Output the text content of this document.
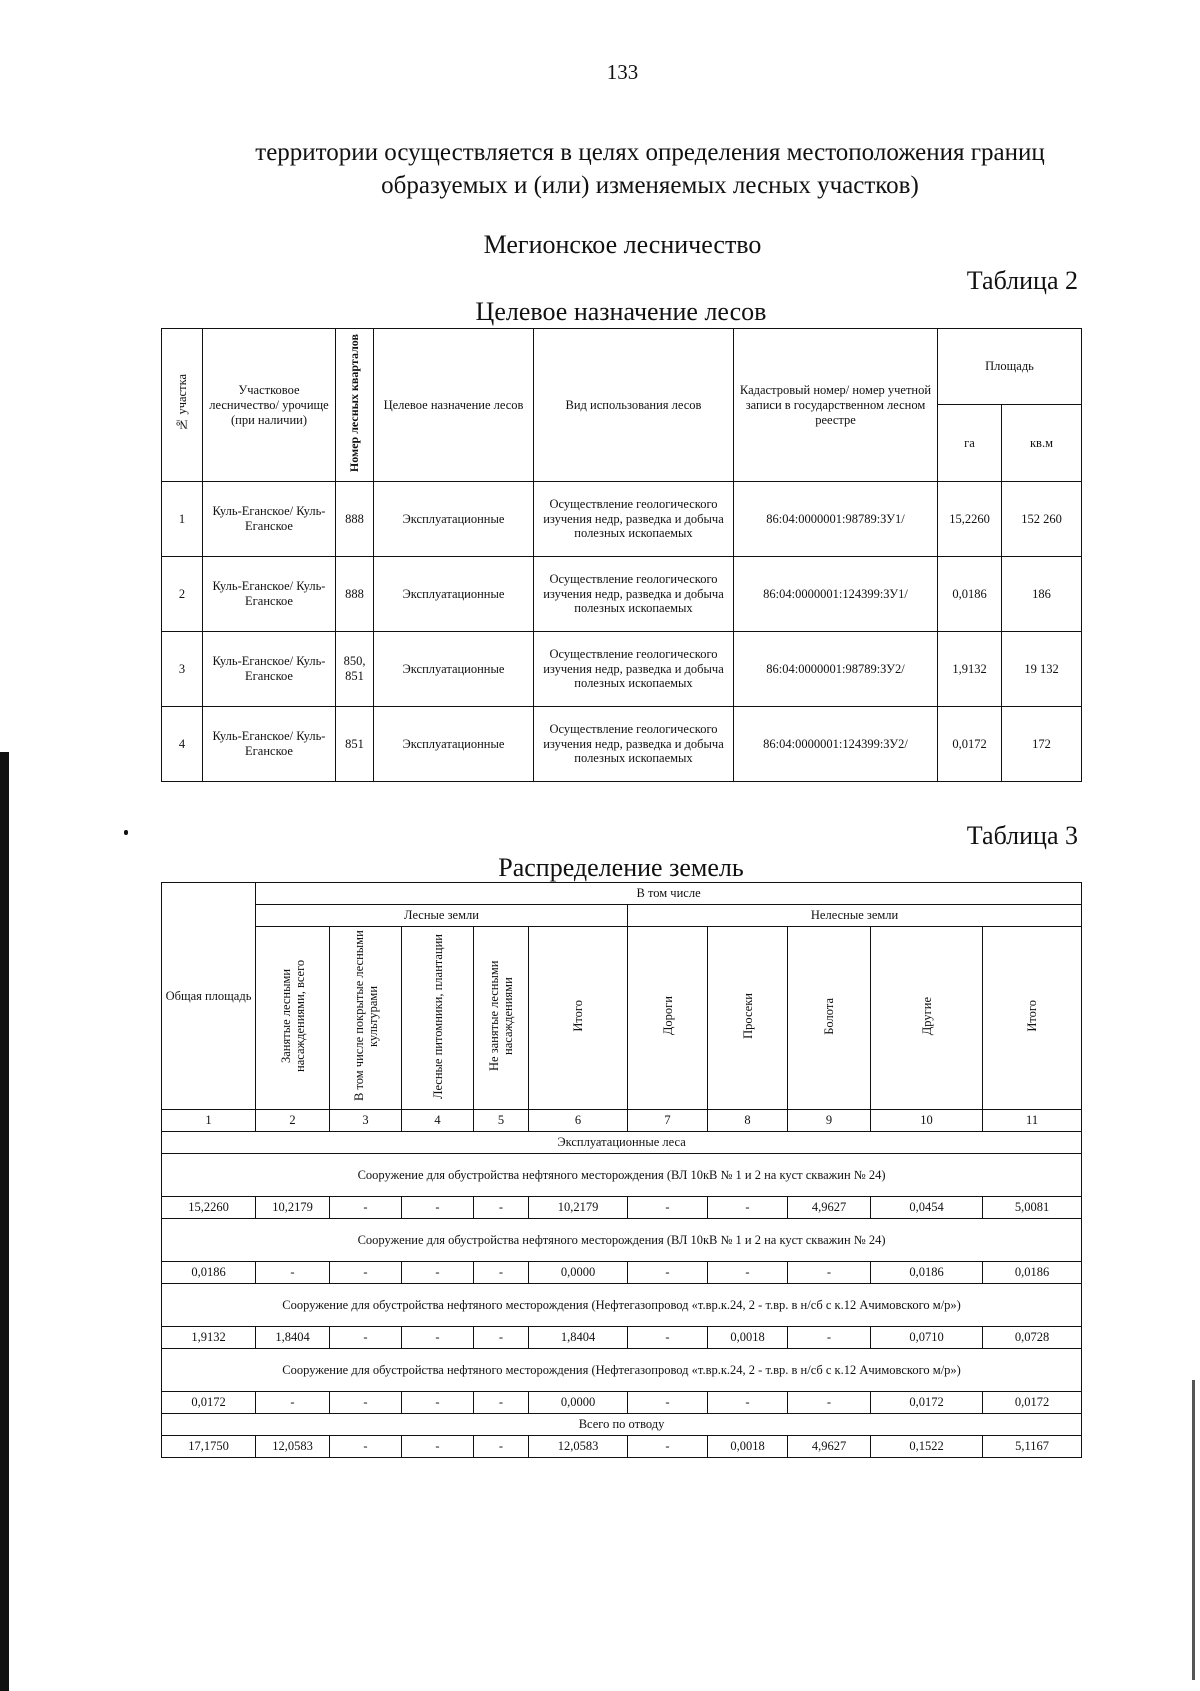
133
территории осуществляется в целях определения местоположения границ
образуемых и (или) изменяемых лесных участков)
Мегионское лесничество
Таблица 2
Целевое назначение лесов
№ участка	Участковое лесничество/ урочище (при наличии)	Номер лесных кварталов	Целевое назначение лесов	Вид использования лесов	Кадастровый номер/ номер учетной записи в государственном лесном реестре	Площадь	
						га	кв.м
1	Куль-Еганское/ Куль-Еганское	888	Эксплуатационные	Осуществление геологического изучения недр, разведка и добыча полезных ископаемых	86:04:0000001:98789:ЗУ1/	15,2260	152 260
2	Куль-Еганское/ Куль-Еганское	888	Эксплуатационные	Осуществление геологического изучения недр, разведка и добыча полезных ископаемых	86:04:0000001:124399:ЗУ1/	0,0186	186
3	Куль-Еганское/ Куль-Еганское	850, 851	Эксплуатационные	Осуществление геологического изучения недр, разведка и добыча полезных ископаемых	86:04:0000001:98789:ЗУ2/	1,9132	19 132
4	Куль-Еганское/ Куль-Еганское	851	Эксплуатационные	Осуществление геологического изучения недр, разведка и добыча полезных ископаемых	86:04:0000001:124399:ЗУ2/	0,0172	172
Таблица 3
Распределение земель
Общая площадь	В том числе									
	Лесные земли					Нелесные земли				
	Занятые лесными насаждениями, всего	В том числе покрытые лесными культурами	Лесные питомники, плантации	Не занятые лесными насаждениями	Итого	Дороги	Просеки	Болота	Другие	Итого
1	2	3	4	5	6	7	8	9	10	11
Эксплуатационные леса										
Сооружение для обустройства нефтяного месторождения (ВЛ 10кВ № 1 и 2 на куст скважин № 24)										
15,2260	10,2179	-	-	-	10,2179	-	-	4,9627	0,0454	5,0081
Сооружение для обустройства нефтяного месторождения (ВЛ 10кВ № 1 и 2 на куст скважин № 24)										
0,0186	-	-	-	-	0,0000	-	-	-	0,0186	0,0186
Сооружение для обустройства нефтяного месторождения (Нефтегазопровод «т.вр.к.24, 2 - т.вр. в н/сб с к.12 Ачимовского м/р»)										
1,9132	1,8404	-	-	-	1,8404	-	0,0018	-	0,0710	0,0728
Сооружение для обустройства нефтяного месторождения (Нефтегазопровод «т.вр.к.24, 2 - т.вр. в н/сб с к.12 Ачимовского м/р»)										
0,0172	-	-	-	-	0,0000	-	-	-	0,0172	0,0172
Всего по отводу										
17,1750	12,0583	-	-	-	12,0583	-	0,0018	4,9627	0,1522	5,1167
